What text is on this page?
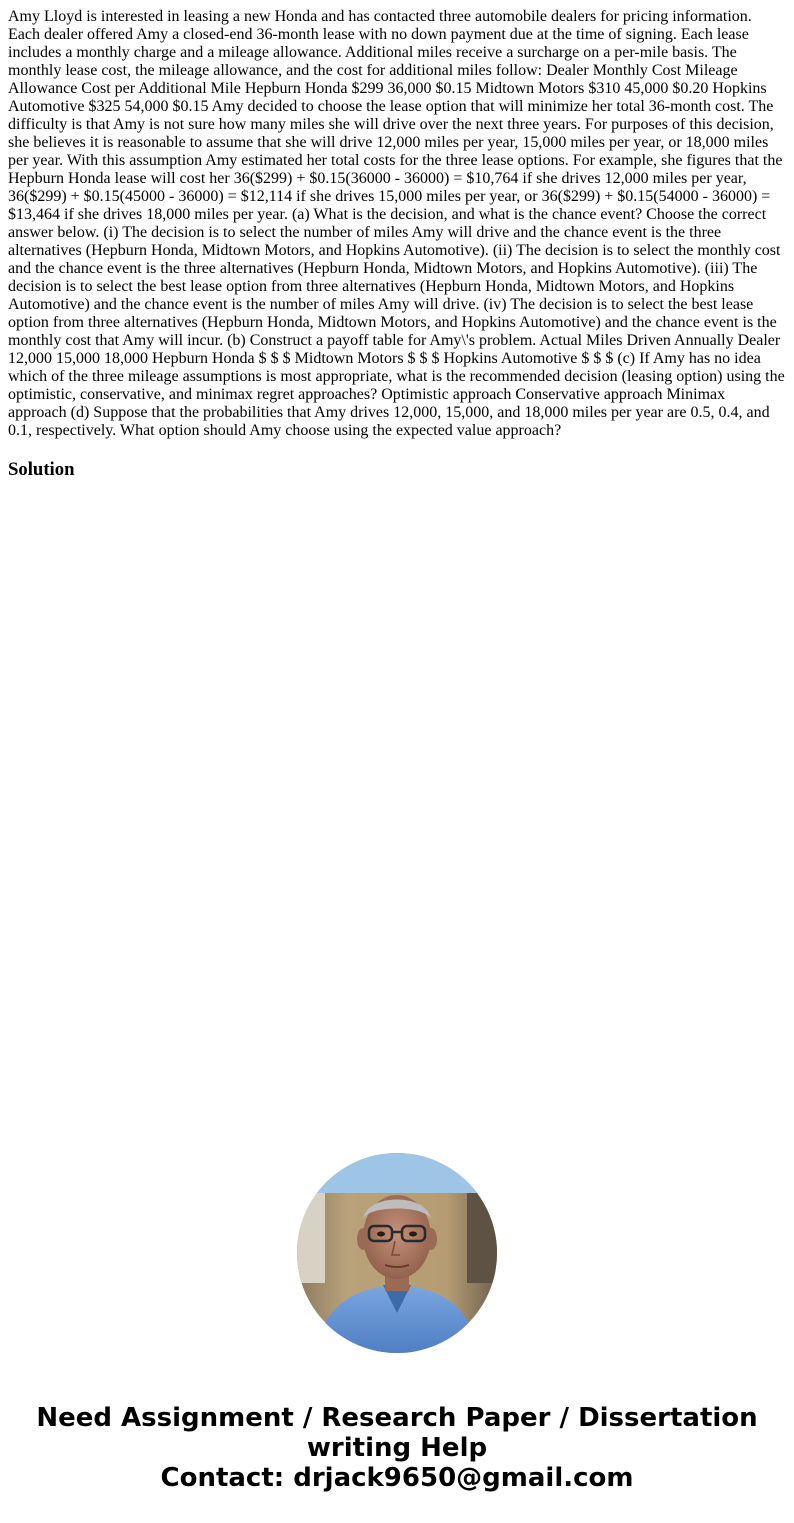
Amy Lloyd is interested in leasing a new Honda and has contacted three automobile dealers for pricing information. Each dealer offered Amy a closed-end 36-month lease with no down payment due at the time of signing. Each lease includes a monthly charge and a mileage allowance. Additional miles receive a surcharge on a per-mile basis. The monthly lease cost, the mileage allowance, and the cost for additional miles follow: Dealer Monthly Cost Mileage Allowance Cost per Additional Mile Hepburn Honda $299 36,000 $0.15 Midtown Motors $310 45,000 $0.20 Hopkins Automotive $325 54,000 $0.15 Amy decided to choose the lease option that will minimize her total 36-month cost. The difficulty is that Amy is not sure how many miles she will drive over the next three years. For purposes of this decision, she believes it is reasonable to assume that she will drive 12,000 miles per year, 15,000 miles per year, or 18,000 miles per year. With this assumption Amy estimated her total costs for the three lease options. For example, she figures that the Hepburn Honda lease will cost her 36($299) + $0.15(36000 - 36000) = $10,764 if she drives 12,000 miles per year, 36($299) + $0.15(45000 - 36000) = $12,114 if she drives 15,000 miles per year, or 36($299) + $0.15(54000 - 36000) = $13,464 if she drives 18,000 miles per year. (a) What is the decision, and what is the chance event? Choose the correct answer below. (i) The decision is to select the number of miles Amy will drive and the chance event is the three alternatives (Hepburn Honda, Midtown Motors, and Hopkins Automotive). (ii) The decision is to select the monthly cost and the chance event is the three alternatives (Hepburn Honda, Midtown Motors, and Hopkins Automotive). (iii) The decision is to select the best lease option from three alternatives (Hepburn Honda, Midtown Motors, and Hopkins Automotive) and the chance event is the number of miles Amy will drive. (iv) The decision is to select the best lease option from three alternatives (Hepburn Honda, Midtown Motors, and Hopkins Automotive) and the chance event is the monthly cost that Amy will incur. (b) Construct a payoff table for Amy\'s problem. Actual Miles Driven Annually Dealer 12,000 15,000 18,000 Hepburn Honda $ $ $ Midtown Motors $ $ $ Hopkins Automotive $ $ $ (c) If Amy has no idea which of the three mileage assumptions is most appropriate, what is the recommended decision (leasing option) using the optimistic, conservative, and minimax regret approaches? Optimistic approach Conservative approach Minimax approach (d) Suppose that the probabilities that Amy drives 12,000, 15,000, and 18,000 miles per year are 0.5, 0.4, and 0.1, respectively. What option should Amy choose using the expected value approach?

Solution

Need Assignment / Research Paper / Dissertation
writing Help
Contact: drjack9650@gmail.com
